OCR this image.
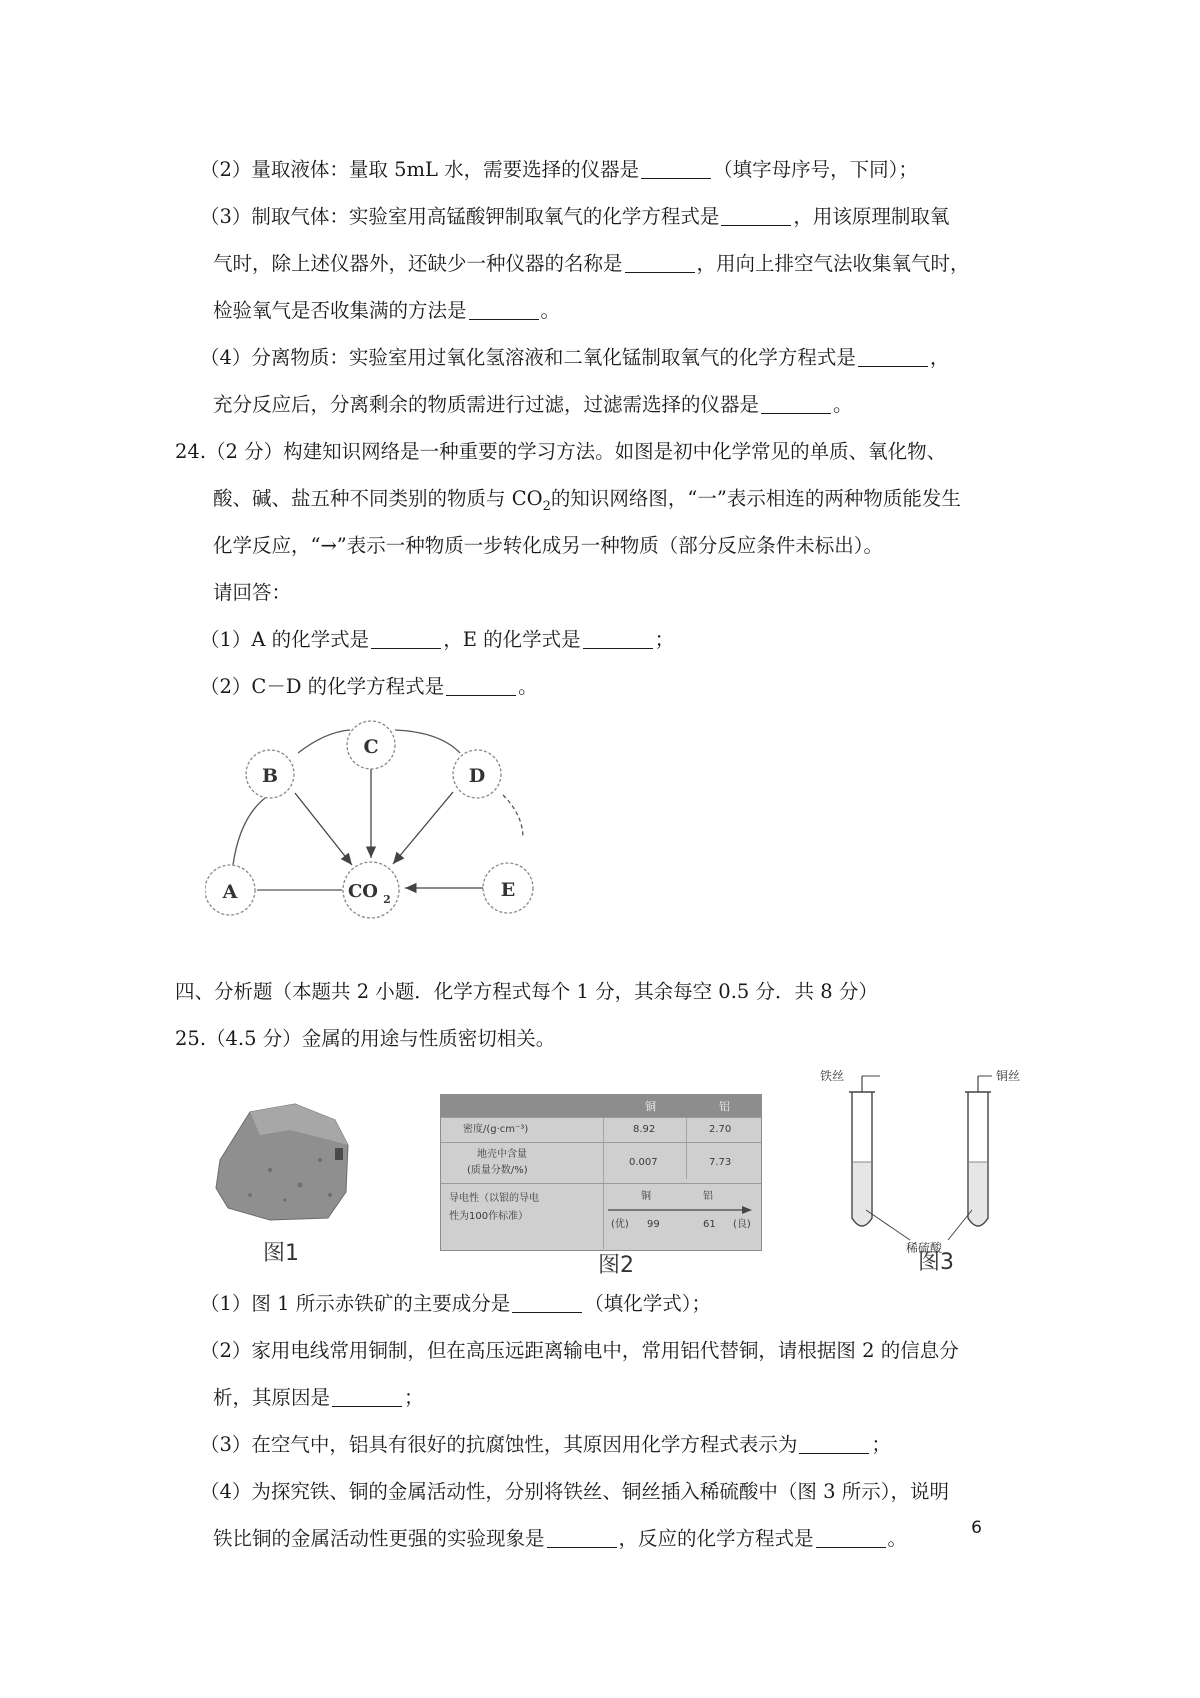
（2）量取液体：量取 5mL 水，需要选择的仪器是	（填字母序号，下同）；
（3）制取气体：实验室用高锰酸钾制取氧气的化学方程式是	，用该原理制取氧
气时，除上述仪器外，还缺少一种仪器的名称是	，用向上排空气法收集氧气时，
检验氧气是否收集满的方法是	。
（4）分离物质：实验室用过氧化氢溶液和二氧化锰制取氧气的化学方程式是	，
充分反应后，分离剩余的物质需进行过滤，过滤需选择的仪器是	。
24.（2 分）构建知识网络是一种重要的学习方法。如图是初中化学常见的单质、氧化物、
酸、碱、盐五种不同类别的物质与 $CO_2$的知识网络图，“一”表示相连的两种物质能发生
化学反应，“→”表示一种物质一步转化成另一种物质（部分反应条件未标出）。
请回答：
（1）A 的化学式是	，E 的化学式是	；
（2）C－D 的化学方程式是	。
C
B	D
A	CO 2	E
四、分析题（本题共 2 小题．化学方程式每个 1 分，其余每空 0.5 分．共 8 分）
25.（4.5 分）金属的用途与性质密切相关。
图1
铜	铝
密度/(g·cm⁻³)	8.92	2.70
地壳中含量
(质量分数/%)
0.007	7.73
导电性（以银的导电
性为100作标准）
铜	铝
(优) 99	61 (良)
图2
铁丝	铜丝
稀硫酸
图3
（1）图 1 所示赤铁矿的主要成分是	（填化学式）；
（2）家用电线常用铜制，但在高压远距离输电中，常用铝代替铜，请根据图 2 的信息分
析，其原因是	；
（3）在空气中，铝具有很好的抗腐蚀性，其原因用化学方程式表示为	；
（4）为探究铁、铜的金属活动性，分别将铁丝、铜丝插入稀硫酸中（图 3 所示），说明
铁比铜的金属活动性更强的实验现象是	，反应的化学方程式是	。	6
